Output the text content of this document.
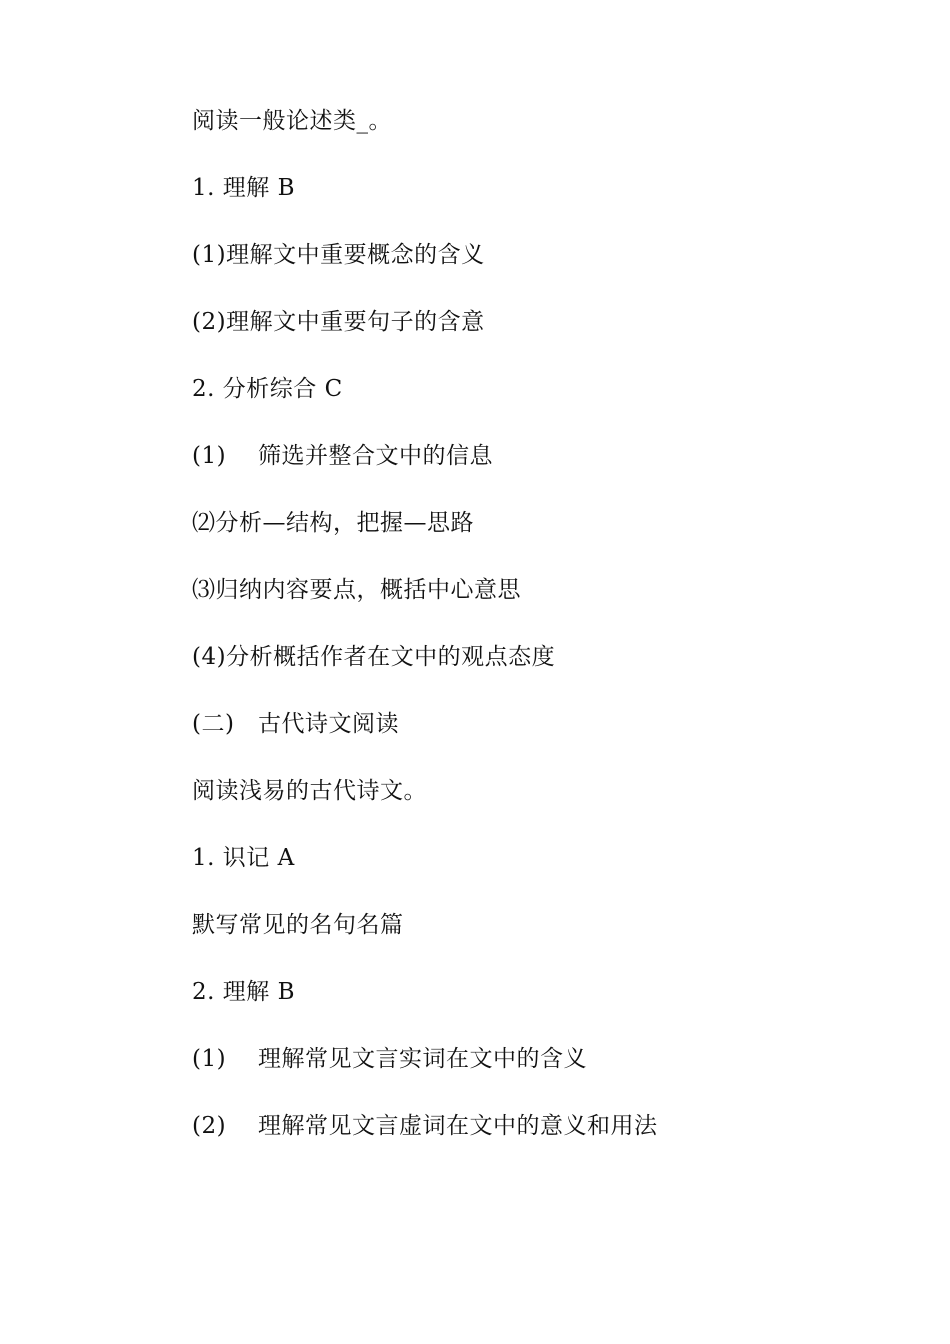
阅读一般论述类_。
1. 理解 B
(1)理解文中重要概念的含义
(2)理解文中重要句子的含意
2. 分析综合 C
(1) 筛选并整合文中的信息
⑵分析—结构，把握—思路
⑶归纳内容要点，概括中心意思
(4)分析概括作者在文中的观点态度
(二) 古代诗文阅读
阅读浅易的古代诗文。
1. 识记 A
默写常见的名句名篇
2. 理解 B
(1) 理解常见文言实词在文中的含义
(2) 理解常见文言虚词在文中的意义和用法
